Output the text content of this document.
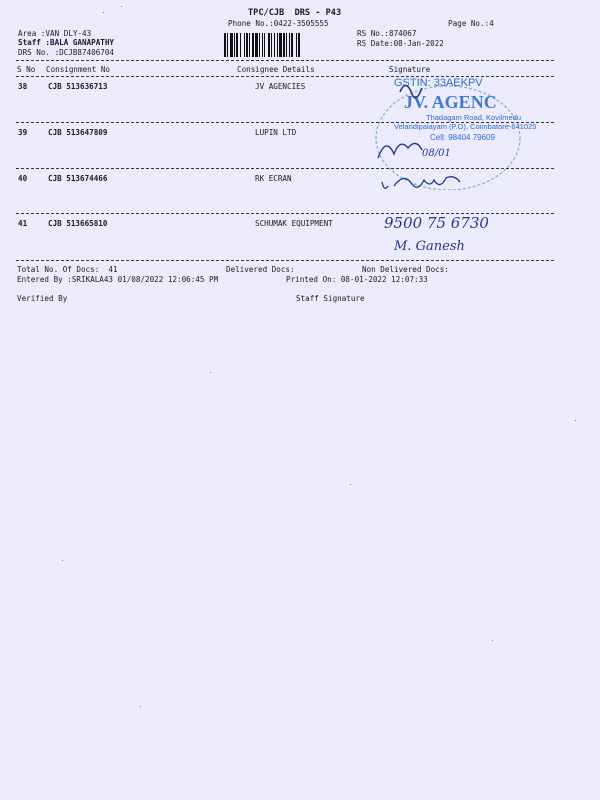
TPC/CJB  DRS - P43
Phone No.:0422-3505555	Page No.:4
Area :VAN DLY-43
Staff :BALA GANAPATHY
DRS No. :DCJB87406704
RS No.:874067
RS Date:08-Jan-2022
S No Consignment No	Consignee Details	Signature
38	CJB 513636713	JV AGENCIES
39	CJB 513647809	LUPIN LTD
40	CJB 513674466	RK ECRAN
41	CJB 513665810	SCHUMAK EQUIPMENT
GSTIN: 33AEKPV
JV. AGENC
Thadagam Road, Kovilmedu
Velandipalayam (P.O), Coimbatore-641025
Cell: 98404 79609
08/01
9500 75 6730
M. Ganesh
Total No. Of Docs:  41	Delivered Docs:	Non Delivered Docs:
Entered By :SRIKALA43 01/08/2022 12:06:45 PM	Printed On: 08-01-2022 12:07:33
Verified By	Staff Signature
